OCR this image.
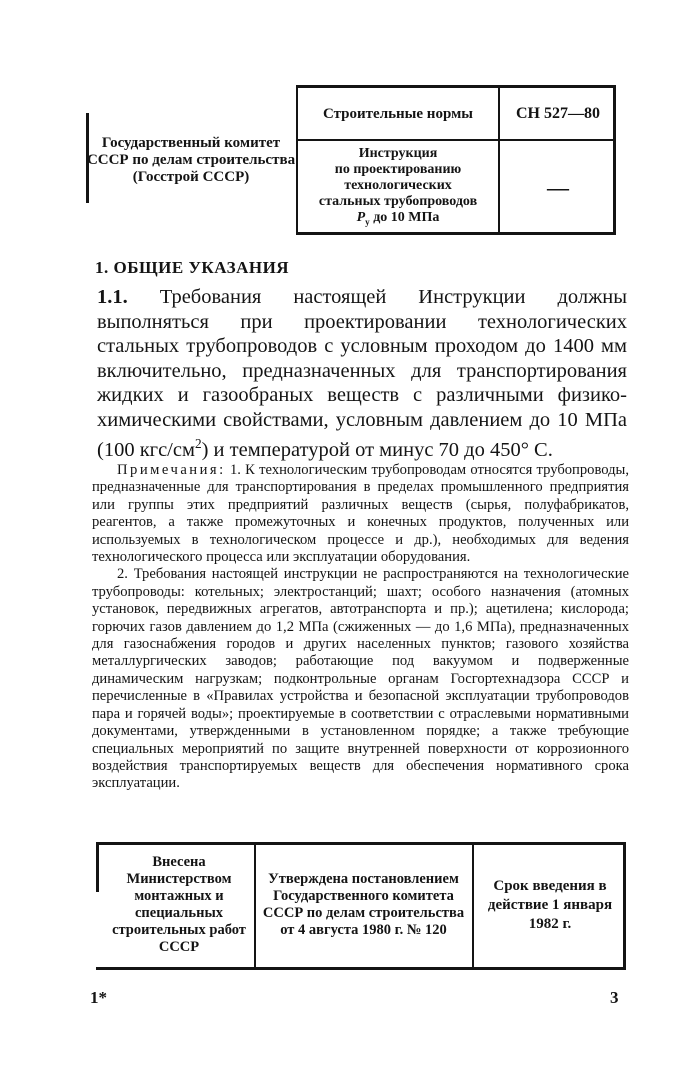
Государственный комитет СССР по делам строительства (Госстрой СССР)
Строительные нормы	СН 527—80
Инструкция
по проектированию
технологических
стальных трубопроводов
$P_у$ до 10 МПа
—
1. ОБЩИЕ УКАЗАНИЯ
1.1. Требования настоящей Инструкции должны выполняться при проектировании технологических стальных трубопроводов с условным проходом до 1400 мм включительно, предназначенных для транспортирования жидких и газообраных веществ с различными физико-химическими свойствами, условным давлением до 10 МПа (100 кгс/$см^2$) и температурой от минус 70 до 450° С.

Примечания: 1. К технологическим трубопроводам относятся трубопроводы, предназначенные для транспортирования в пределах промышленного предприятия или группы этих предприятий различных веществ (сырья, полуфабрикатов, реагентов, а также промежуточных и конечных продуктов, полученных или используемых в технологическом процессе и др.), необходимых для ведения технологического процесса или эксплуатации оборудования.

2. Требования настоящей инструкции не распространяются на технологические трубопроводы: котельных; электростанций; шахт; особого назначения (атомных установок, передвижных агрегатов, автотранспорта и пр.); ацетилена; кислорода; горючих газов давлением до 1,2 МПа (сжиженных — до 1,6 МПа), предназначенных для газоснабжения городов и других населенных пунктов; газового хозяйства металлургических заводов; работающие под вакуумом и подверженные динамическим нагрузкам; подконтрольные органам Госгортехнадзора СССР и перечисленные в «Правилах устройства и безопасной эксплуатации трубопроводов пара и горячей воды»; проектируемые в соответствии с отраслевыми нормативными документами, утвержденными в установленном порядке; а также требующие специальных мероприятий по защите внутренней поверхности от коррозионного воздействия транспортируемых веществ для обеспечения нормативного срока эксплуатации.

Внесена Министерством монтажных и специальных строительных работ СССР
Утверждена постановлением Государственного комитета СССР по делам строительства от 4 августа 1980 г. № 120
Срок введения в действие 1 января 1982 г.
1*	3
